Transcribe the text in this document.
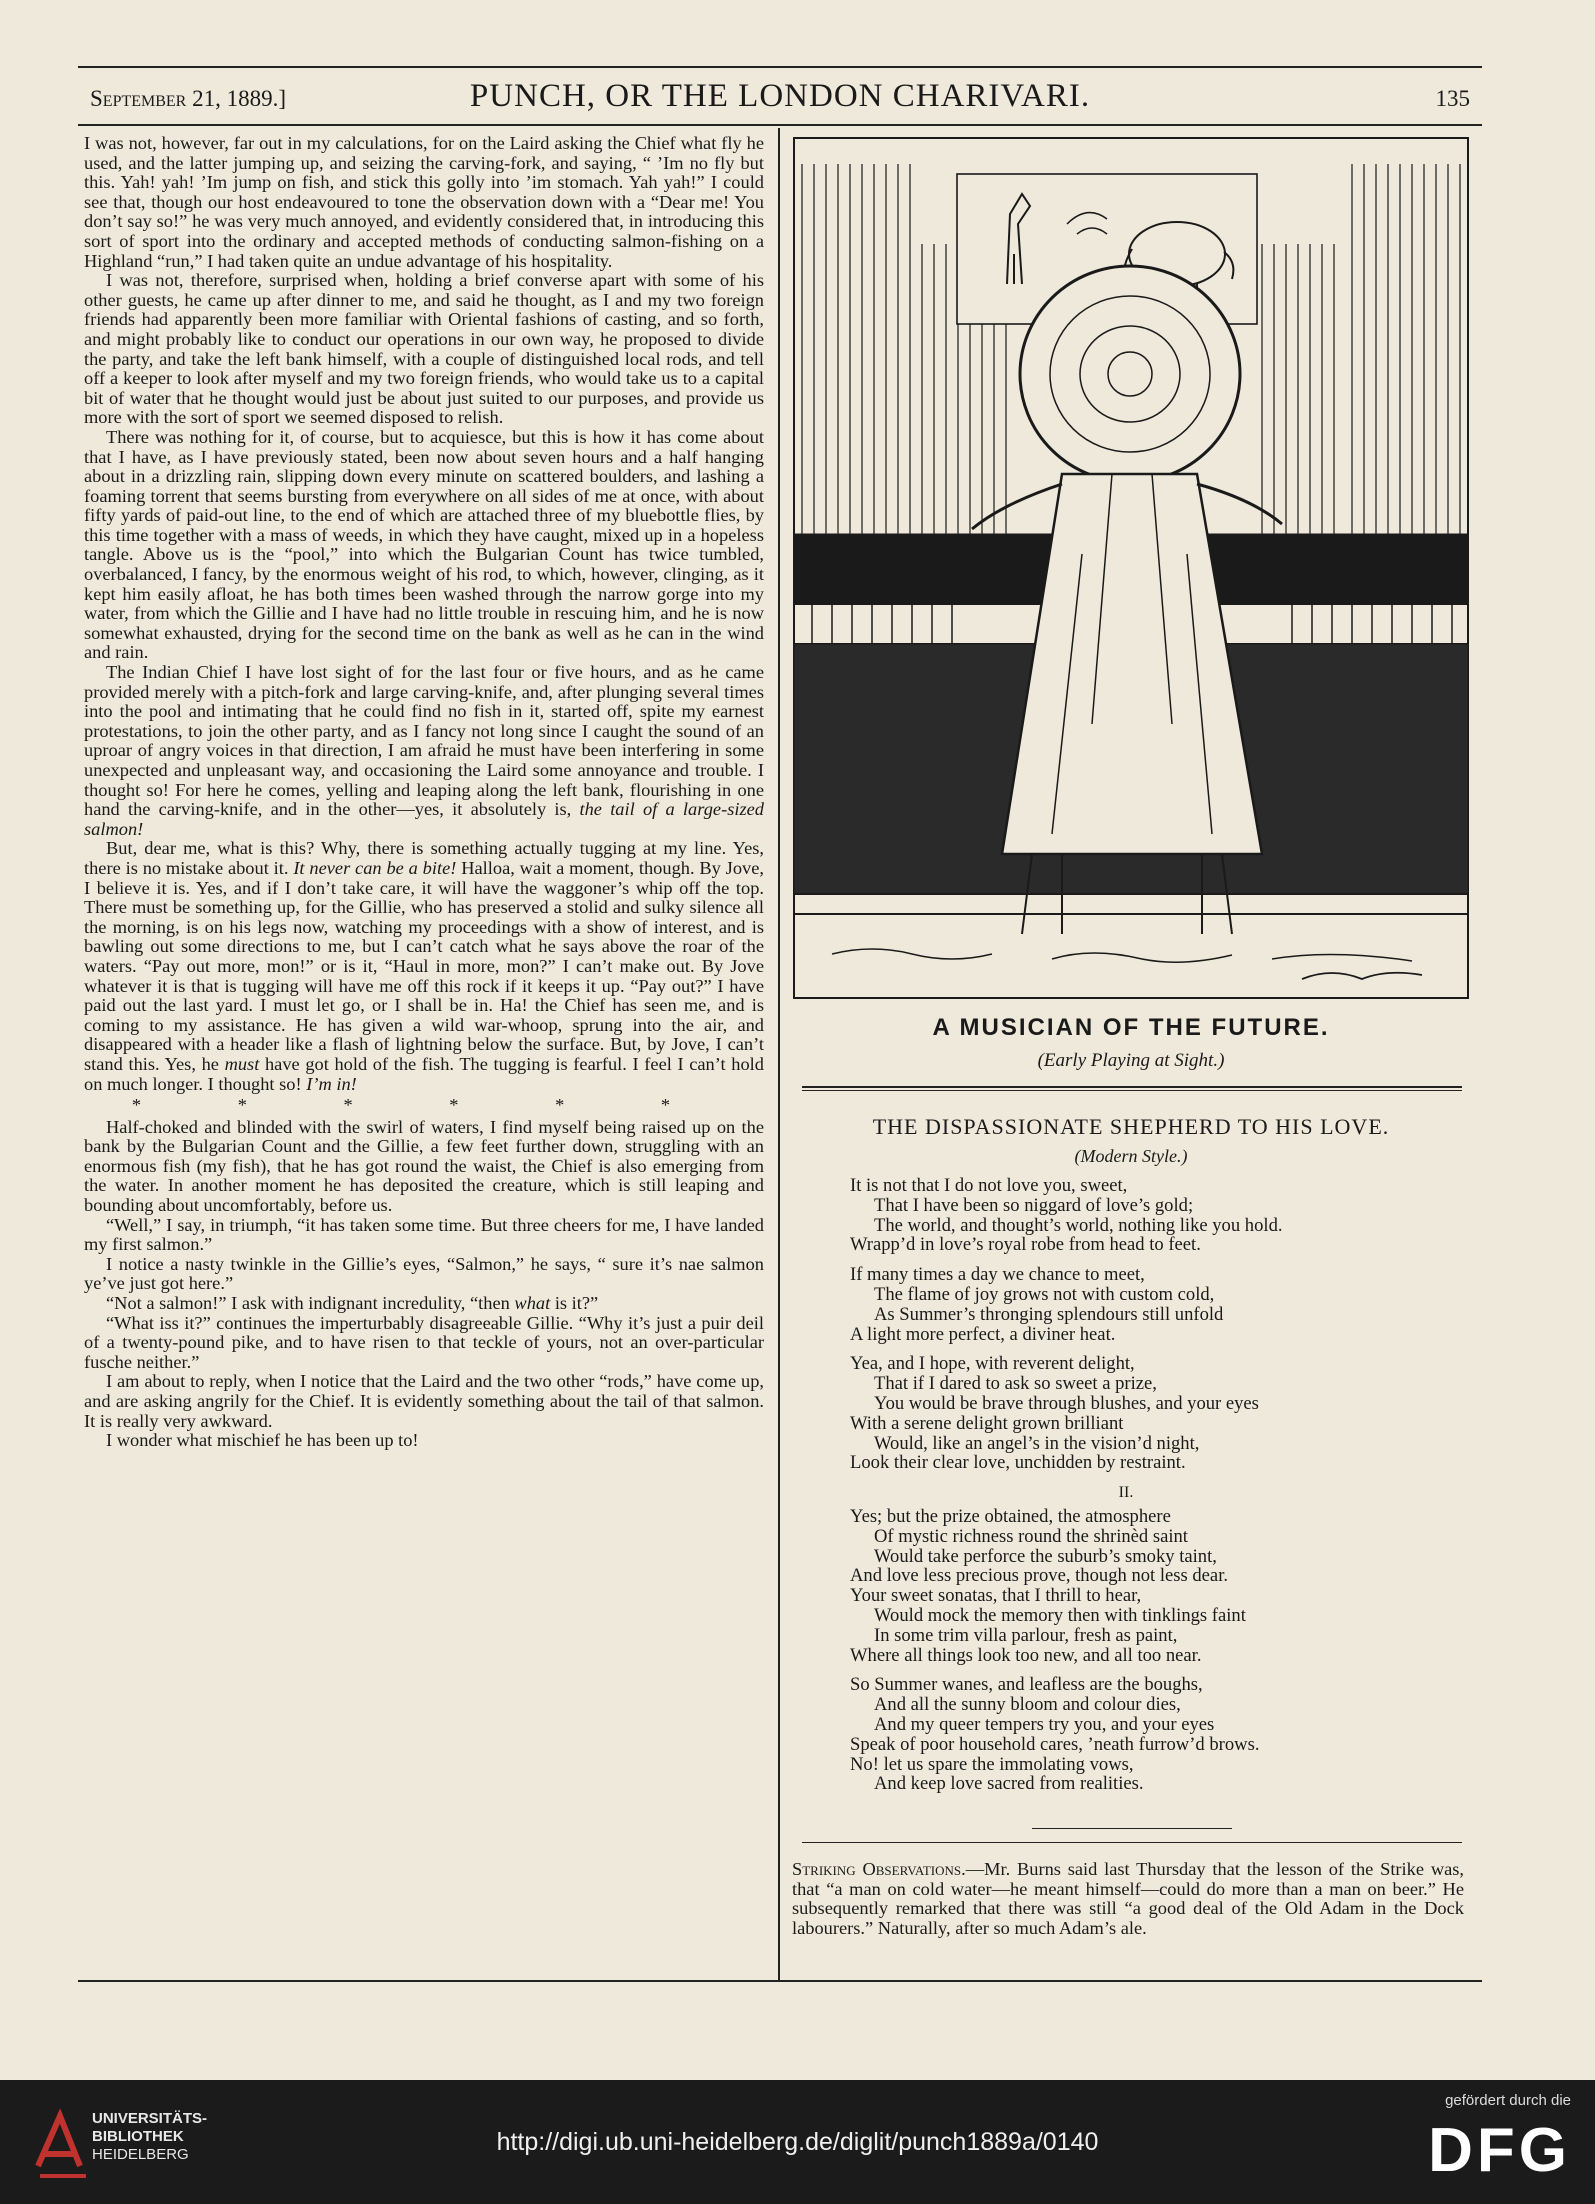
September 21, 1889.]	PUNCH, OR THE LONDON CHARIVARI.	135

I was not, however, far out in my calculations, for on the Laird asking the Chief what fly he used, and the latter jumping up, and seizing the carving-fork, and saying, “ ’Im no fly but this. Yah! yah! ’Im jump on fish, and stick this golly into ’im stomach. Yah yah!” I could see that, though our host endeavoured to tone the observation down with a “Dear me! You don’t say so!” he was very much annoyed, and evidently considered that, in introducing this sort of sport into the ordinary and accepted methods of conducting salmon-fishing on a Highland “run,” I had taken quite an undue advantage of his hospitality.

I was not, therefore, surprised when, holding a brief converse apart with some of his other guests, he came up after dinner to me, and said he thought, as I and my two foreign friends had apparently been more familiar with Oriental fashions of casting, and so forth, and might probably like to conduct our operations in our own way, he proposed to divide the party, and take the left bank himself, with a couple of distinguished local rods, and tell off a keeper to look after myself and my two foreign friends, who would take us to a capital bit of water that he thought would just be about just suited to our purposes, and provide us more with the sort of sport we seemed disposed to relish.

There was nothing for it, of course, but to acquiesce, but this is how it has come about that I have, as I have previously stated, been now about seven hours and a half hanging about in a drizzling rain, slipping down every minute on scattered boulders, and lashing a foaming torrent that seems bursting from everywhere on all sides of me at once, with about fifty yards of paid-out line, to the end of which are attached three of my bluebottle flies, by this time together with a mass of weeds, in which they have caught, mixed up in a hopeless tangle. Above us is the “pool,” into which the Bulgarian Count has twice tumbled, overbalanced, I fancy, by the enormous weight of his rod, to which, however, clinging, as it kept him easily afloat, he has both times been washed through the narrow gorge into my water, from which the Gillie and I have had no little trouble in rescuing him, and he is now somewhat exhausted, drying for the second time on the bank as well as he can in the wind and rain.

The Indian Chief I have lost sight of for the last four or five hours, and as he came provided merely with a pitch-fork and large carving-knife, and, after plunging several times into the pool and intimating that he could find no fish in it, started off, spite my earnest protestations, to join the other party, and as I fancy not long since I caught the sound of an uproar of angry voices in that direction, I am afraid he must have been interfering in some unexpected and unpleasant way, and occasioning the Laird some annoyance and trouble. I thought so! For here he comes, yelling and leaping along the left bank, flourishing in one hand the carving-knife, and in the other—yes, it absolutely is, the tail of a large-sized salmon!

But, dear me, what is this? Why, there is something actually tugging at my line. Yes, there is no mistake about it. It never can be a bite! Halloa, wait a moment, though. By Jove, I believe it is. Yes, and if I don’t take care, it will have the waggoner’s whip off the top. There must be something up, for the Gillie, who has preserved a stolid and sulky silence all the morning, is on his legs now, watching my proceedings with a show of interest, and is bawling out some directions to me, but I can’t catch what he says above the roar of the waters. “Pay out more, mon!” or is it, “Haul in more, mon?” I can’t make out. By Jove whatever it is that is tugging will have me off this rock if it keeps it up. “Pay out?” I have paid out the last yard. I must let go, or I shall be in. Ha! the Chief has seen me, and is coming to my assistance. He has given a wild war-whoop, sprung into the air, and disappeared with a header like a flash of lightning below the surface. But, by Jove, I can’t stand this. Yes, he must have got hold of the fish. The tugging is fearful. I feel I can’t hold on much longer. I thought so! I’m in!

* * * * * *

Half-choked and blinded with the swirl of waters, I find myself being raised up on the bank by the Bulgarian Count and the Gillie, a few feet further down, struggling with an enormous fish (my fish), that he has got round the waist, the Chief is also emerging from the water. In another moment he has deposited the creature, which is still leaping and bounding about uncomfortably, before us.

“Well,” I say, in triumph, “it has taken some time. But three cheers for me, I have landed my first salmon.”

I notice a nasty twinkle in the Gillie’s eyes, “Salmon,” he says, “ sure it’s nae salmon ye’ve just got here.”

“Not a salmon!” I ask with indignant incredulity, “then what is it?”

“What iss it?” continues the imperturbably disagreeable Gillie. “Why it’s just a puir deil of a twenty-pound pike, and to have risen to that teckle of yours, not an over-particular fusche neither.”

I am about to reply, when I notice that the Laird and the two other “rods,” have come up, and are asking angrily for the Chief. It is evidently something about the tail of that salmon. It is really very awkward.

I wonder what mischief he has been up to!

A MUSICIAN OF THE FUTURE.
(Early Playing at Sight.)
THE DISPASSIONATE SHEPHERD TO HIS LOVE.
(Modern Style.)
It is not that I do not love you, sweet,
That I have been so niggard of love’s gold;
The world, and thought’s world, nothing like you hold.
Wrapp’d in love’s royal robe from head to feet.
If many times a day we chance to meet,
The flame of joy grows not with custom cold,
As Summer’s thronging splendours still unfold
A light more perfect, a diviner heat.
Yea, and I hope, with reverent delight,
That if I dared to ask so sweet a prize,
You would be brave through blushes, and your eyes
With a serene delight grown brilliant
Would, like an angel’s in the vision’d night,
Look their clear love, unchidden by restraint.
II.
Yes; but the prize obtained, the atmosphere
Of mystic richness round the shrinèd saint
Would take perforce the suburb’s smoky taint,
And love less precious prove, though not less dear.
Your sweet sonatas, that I thrill to hear,
Would mock the memory then with tinklings faint
In some trim villa parlour, fresh as paint,
Where all things look too new, and all too near.
So Summer wanes, and leafless are the boughs,
And all the sunny bloom and colour dies,
And my queer tempers try you, and your eyes
Speak of poor household cares, ’neath furrow’d brows.
No! let us spare the immolating vows,
And keep love sacred from realities.
Striking Observations.—Mr. Burns said last Thursday that the lesson of the Strike was, that “a man on cold water—he meant himself—could do more than a man on beer.” He subsequently remarked that there was still “a good deal of the Old Adam in the Dock labourers.” Naturally, after so much Adam’s ale.
UNIVERSITÄTS-
BIBLIOTHEK
HEIDELBERG	http://digi.ub.uni-heidelberg.de/diglit/punch1889a/0140
gefördert durch die
DFG
